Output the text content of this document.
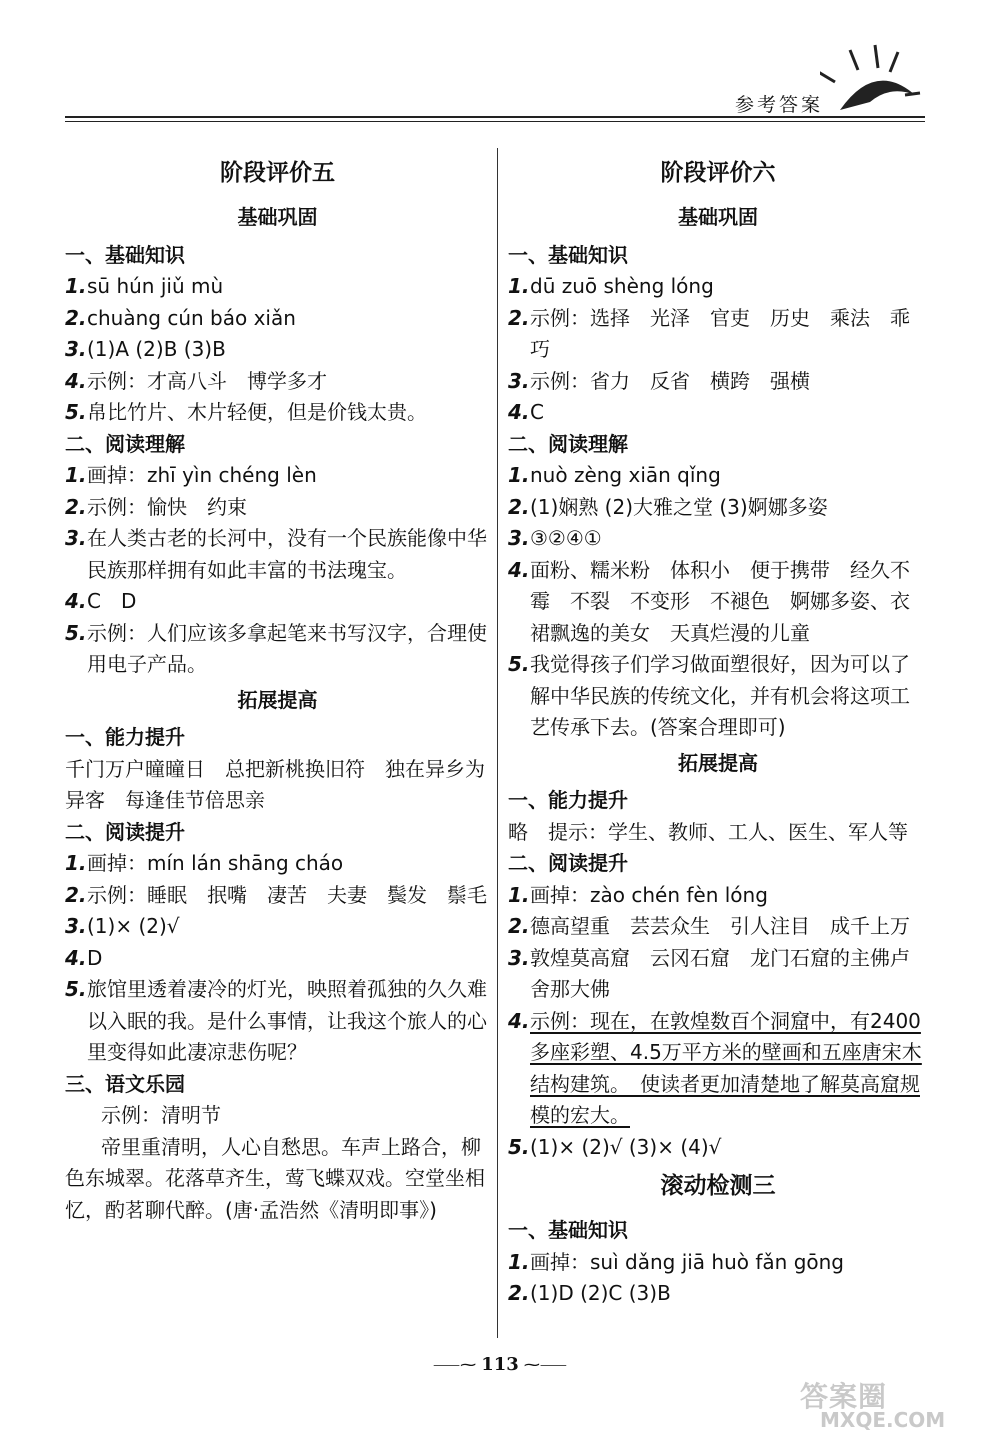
参考答案
阶段评价五
基础巩固
一、基础知识
1. sū hún jiǔ mù
2. chuàng cún báo xiǎn
3. (1)A (2)B (3)B
4. 示例：才高八斗　博学多才
5. 帛比竹片、木片轻便，但是价钱太贵。
二、阅读理解
1. 画掉：zhī yìn chéng lèn
2. 示例：愉快　约束
3. 在人类古老的长河中，没有一个民族能像中华民族那样拥有如此丰富的书法瑰宝。
4. C　D
5. 示例：人们应该多拿起笔来书写汉字，合理使用电子产品。
拓展提高
一、能力提升
千门万户曈曈日　总把新桃换旧符　独在异乡为异客　每逢佳节倍思亲
二、阅读提升
1. 画掉：mín lán shāng cháo
2. 示例：睡眠　抿嘴　凄苦　夫妻　鬓发　鬃毛
3. (1)× (2)√
4. D
5. 旅馆里透着凄冷的灯光，映照着孤独的久久难以入眠的我。是什么事情，让我这个旅人的心里变得如此凄凉悲伤呢？
三、语文乐园
示例：清明节
帝里重清明，人心自愁思。车声上路合，柳色东城翠。花落草齐生，莺飞蝶双戏。空堂坐相忆，酌茗聊代醉。(唐·孟浩然《清明即事》)
阶段评价六
基础巩固
一、基础知识
1. dū zuō shèng lóng
2. 示例：选择　光泽　官吏　历史　乘法　乖巧
3. 示例：省力　反省　横跨　强横
4. C
二、阅读理解
1. nuò zèng xiān qǐng
2. (1)娴熟 (2)大雅之堂 (3)婀娜多姿
3. ③②④①
4. 面粉、糯米粉　体积小　便于携带　经久不霉　不裂　不变形　不褪色　婀娜多姿、衣裙飘逸的美女　天真烂漫的儿童
5. 我觉得孩子们学习做面塑很好，因为可以了解中华民族的传统文化，并有机会将这项工艺传承下去。(答案合理即可)
拓展提高
一、能力提升
略　提示：学生、教师、工人、医生、军人等
二、阅读提升
1. 画掉：zào chén fèn lóng
2. 德高望重　芸芸众生　引人注目　成千上万
3. 敦煌莫高窟　云冈石窟　龙门石窟的主佛卢舍那大佛
4. 示例：现在，在敦煌数百个洞窟中，有2400多座彩塑、4.5万平方米的壁画和五座唐宋木结构建筑。　使读者更加清楚地了解莫高窟规模的宏大。
5. (1)× (2)√ (3)× (4)√
滚动检测三
一、基础知识
1. 画掉：suì dǎng jiā huò fǎn gōng
2. (1)D (2)C (3)B
⸺⁓ 113 ⁓⸺
答案圈
MXQE.COM
